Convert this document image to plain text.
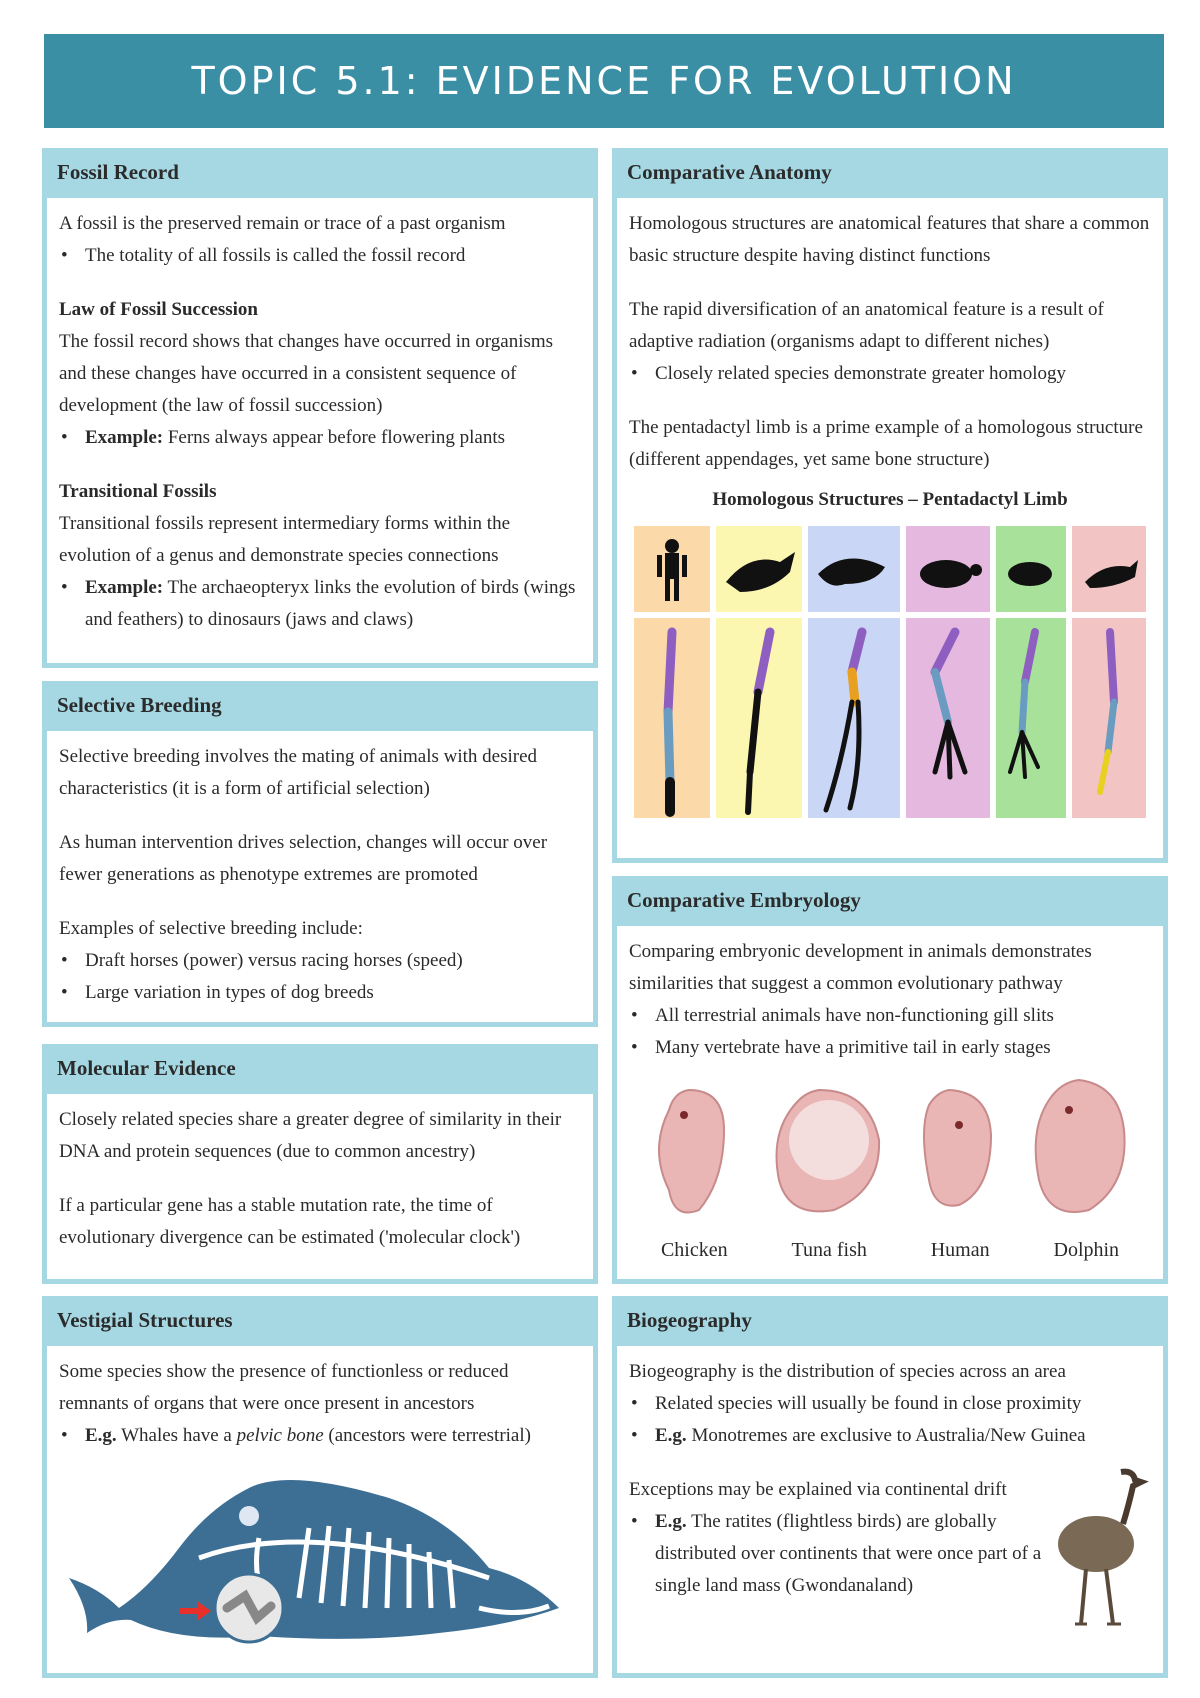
TOPIC 5.1: EVIDENCE FOR EVOLUTION
Fossil Record

A fossil is the preserved remain or trace of a past organism

• The totality of all fossils is called the fossil record

Law of Fossil Succession

The fossil record shows that changes have occurred in organisms and these changes have occurred in a consistent sequence of development (the law of fossil succession)

• Example: Ferns always appear before flowering plants

Transitional Fossils

Transitional fossils represent intermediary forms within the evolution of a genus and demonstrate species connections

• Example: The archaeopteryx links the evolution of birds (wings and feathers) to dinosaurs (jaws and claws)
Selective Breeding

Selective breeding involves the mating of animals with desired characteristics (it is a form of artificial selection)

As human intervention drives selection, changes will occur over fewer generations as phenotype extremes are promoted

Examples of selective breeding include:

• Draft horses (power) versus racing horses (speed)
• Large variation in types of dog breeds
Molecular Evidence

Closely related species share a greater degree of similarity in their DNA and protein sequences (due to common ancestry)

If a particular gene has a stable mutation rate, the time of evolutionary divergence can be estimated ('molecular clock')

Vestigial Structures

Some species show the presence of functionless or reduced remnants of organs that were once present in ancestors

• E.g. Whales have a pelvic bone (ancestors were terrestrial)
Comparative Anatomy

Homologous structures are anatomical features that share a common basic structure despite having distinct functions

The rapid diversification of an anatomical feature is a result of adaptive radiation (organisms adapt to different niches)

• Closely related species demonstrate greater homology

The pentadactyl limb is a prime example of a homologous structure (different appendages, yet same bone structure)

Homologous Structures – Pentadactyl Limb
Comparative Embryology

Comparing embryonic development in animals demonstrates similarities that suggest a common evolutionary pathway

• All terrestrial animals have non-functioning gill slits
• Many vertebrate have a primitive tail in early stages
Chicken	Tuna fish	Human	Dolphin
Biogeography

Biogeography is the distribution of species across an area

• Related species will usually be found in close proximity
• E.g. Monotremes are exclusive to Australia/New Guinea

Exceptions may be explained via continental drift

• E.g. The ratites (flightless birds) are globally distributed over continents that were once part of a single land mass (Gwondanaland)
